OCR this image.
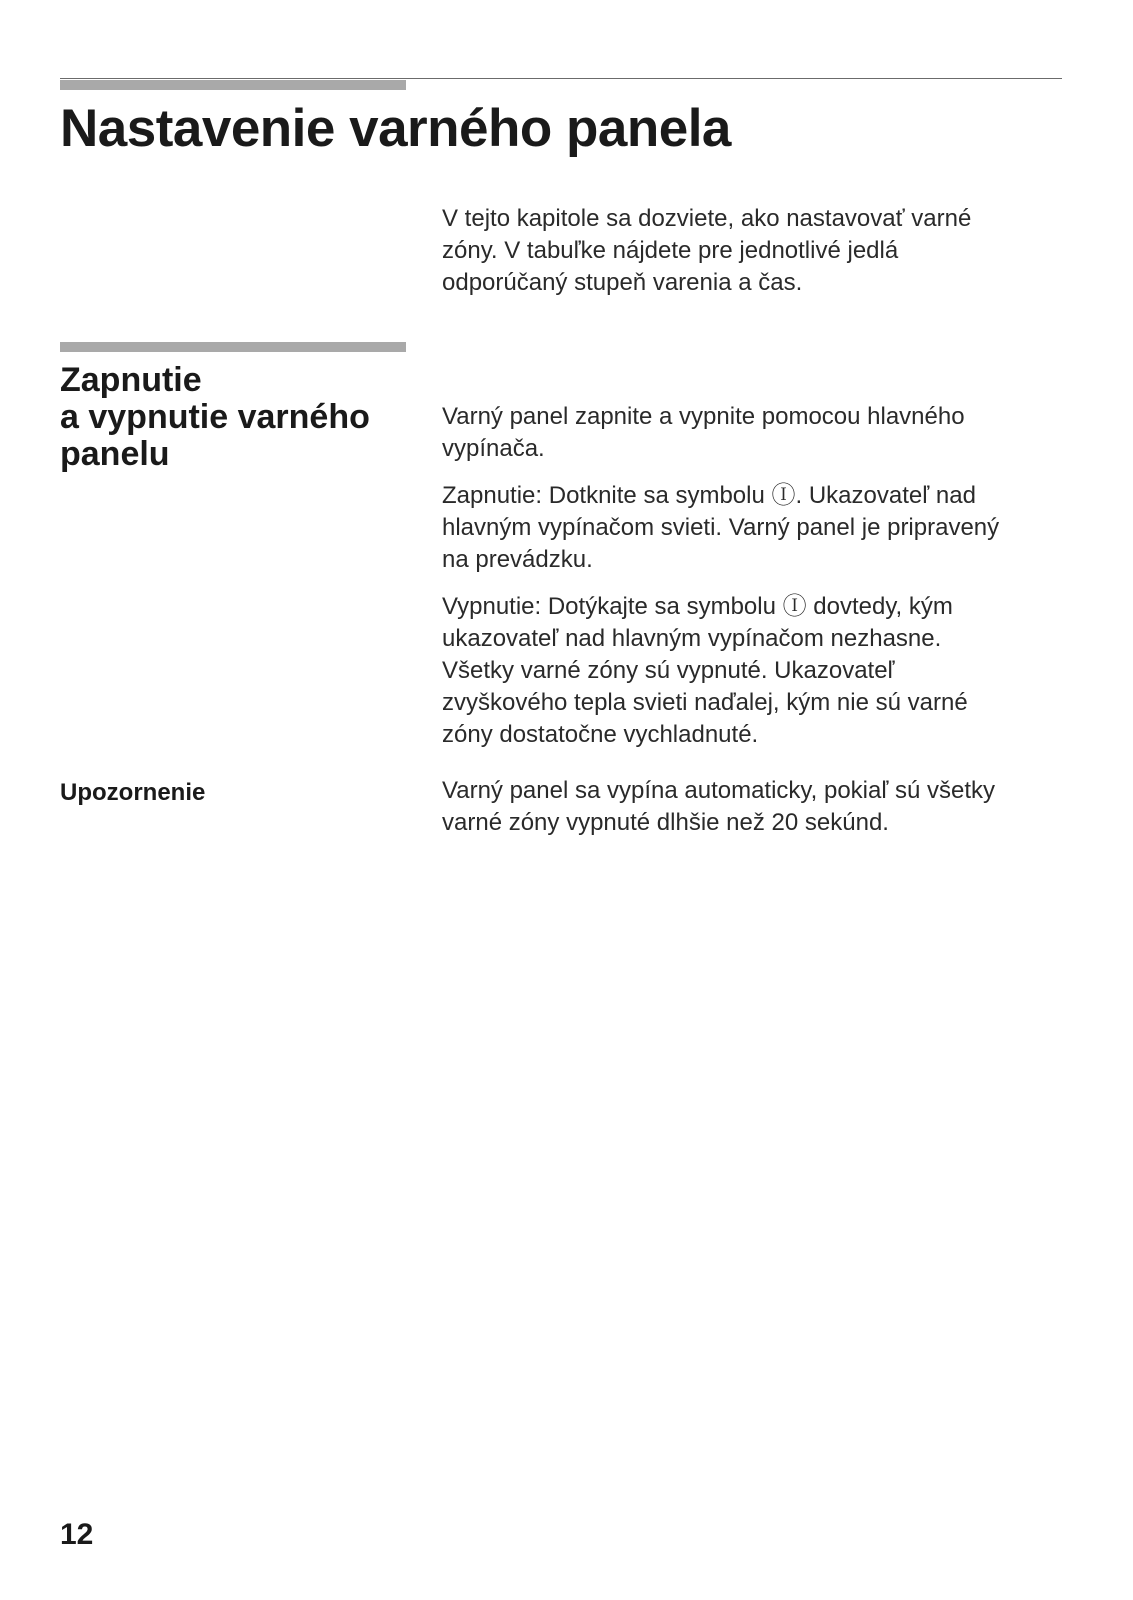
Nastavenie varného panela

V tejto kapitole sa dozviete, ako nastavovať varné
zóny. V tabuľke nájdete pre jednotlivé jedlá
odporúčaný stupeň varenia a čas.

Zapnutie
a vypnutie varného
panelu

Varný panel zapnite a vypnite pomocou hlavného
vypínača.

Zapnutie: Dotknite sa symbolu Ⓘ. Ukazovateľ nad
hlavným vypínačom svieti. Varný panel je pripravený
na prevádzku.

Vypnutie: Dotýkajte sa symbolu Ⓘ dovtedy, kým
ukazovateľ nad hlavným vypínačom nezhasne.
Všetky varné zóny sú vypnuté. Ukazovateľ
zvyškového tepla svieti naďalej, kým nie sú varné
zóny dostatočne vychladnuté.

Upozornenie	Varný panel sa vypína automaticky, pokiaľ sú všetky
varné zóny vypnuté dlhšie než 20 sekúnd.

12
